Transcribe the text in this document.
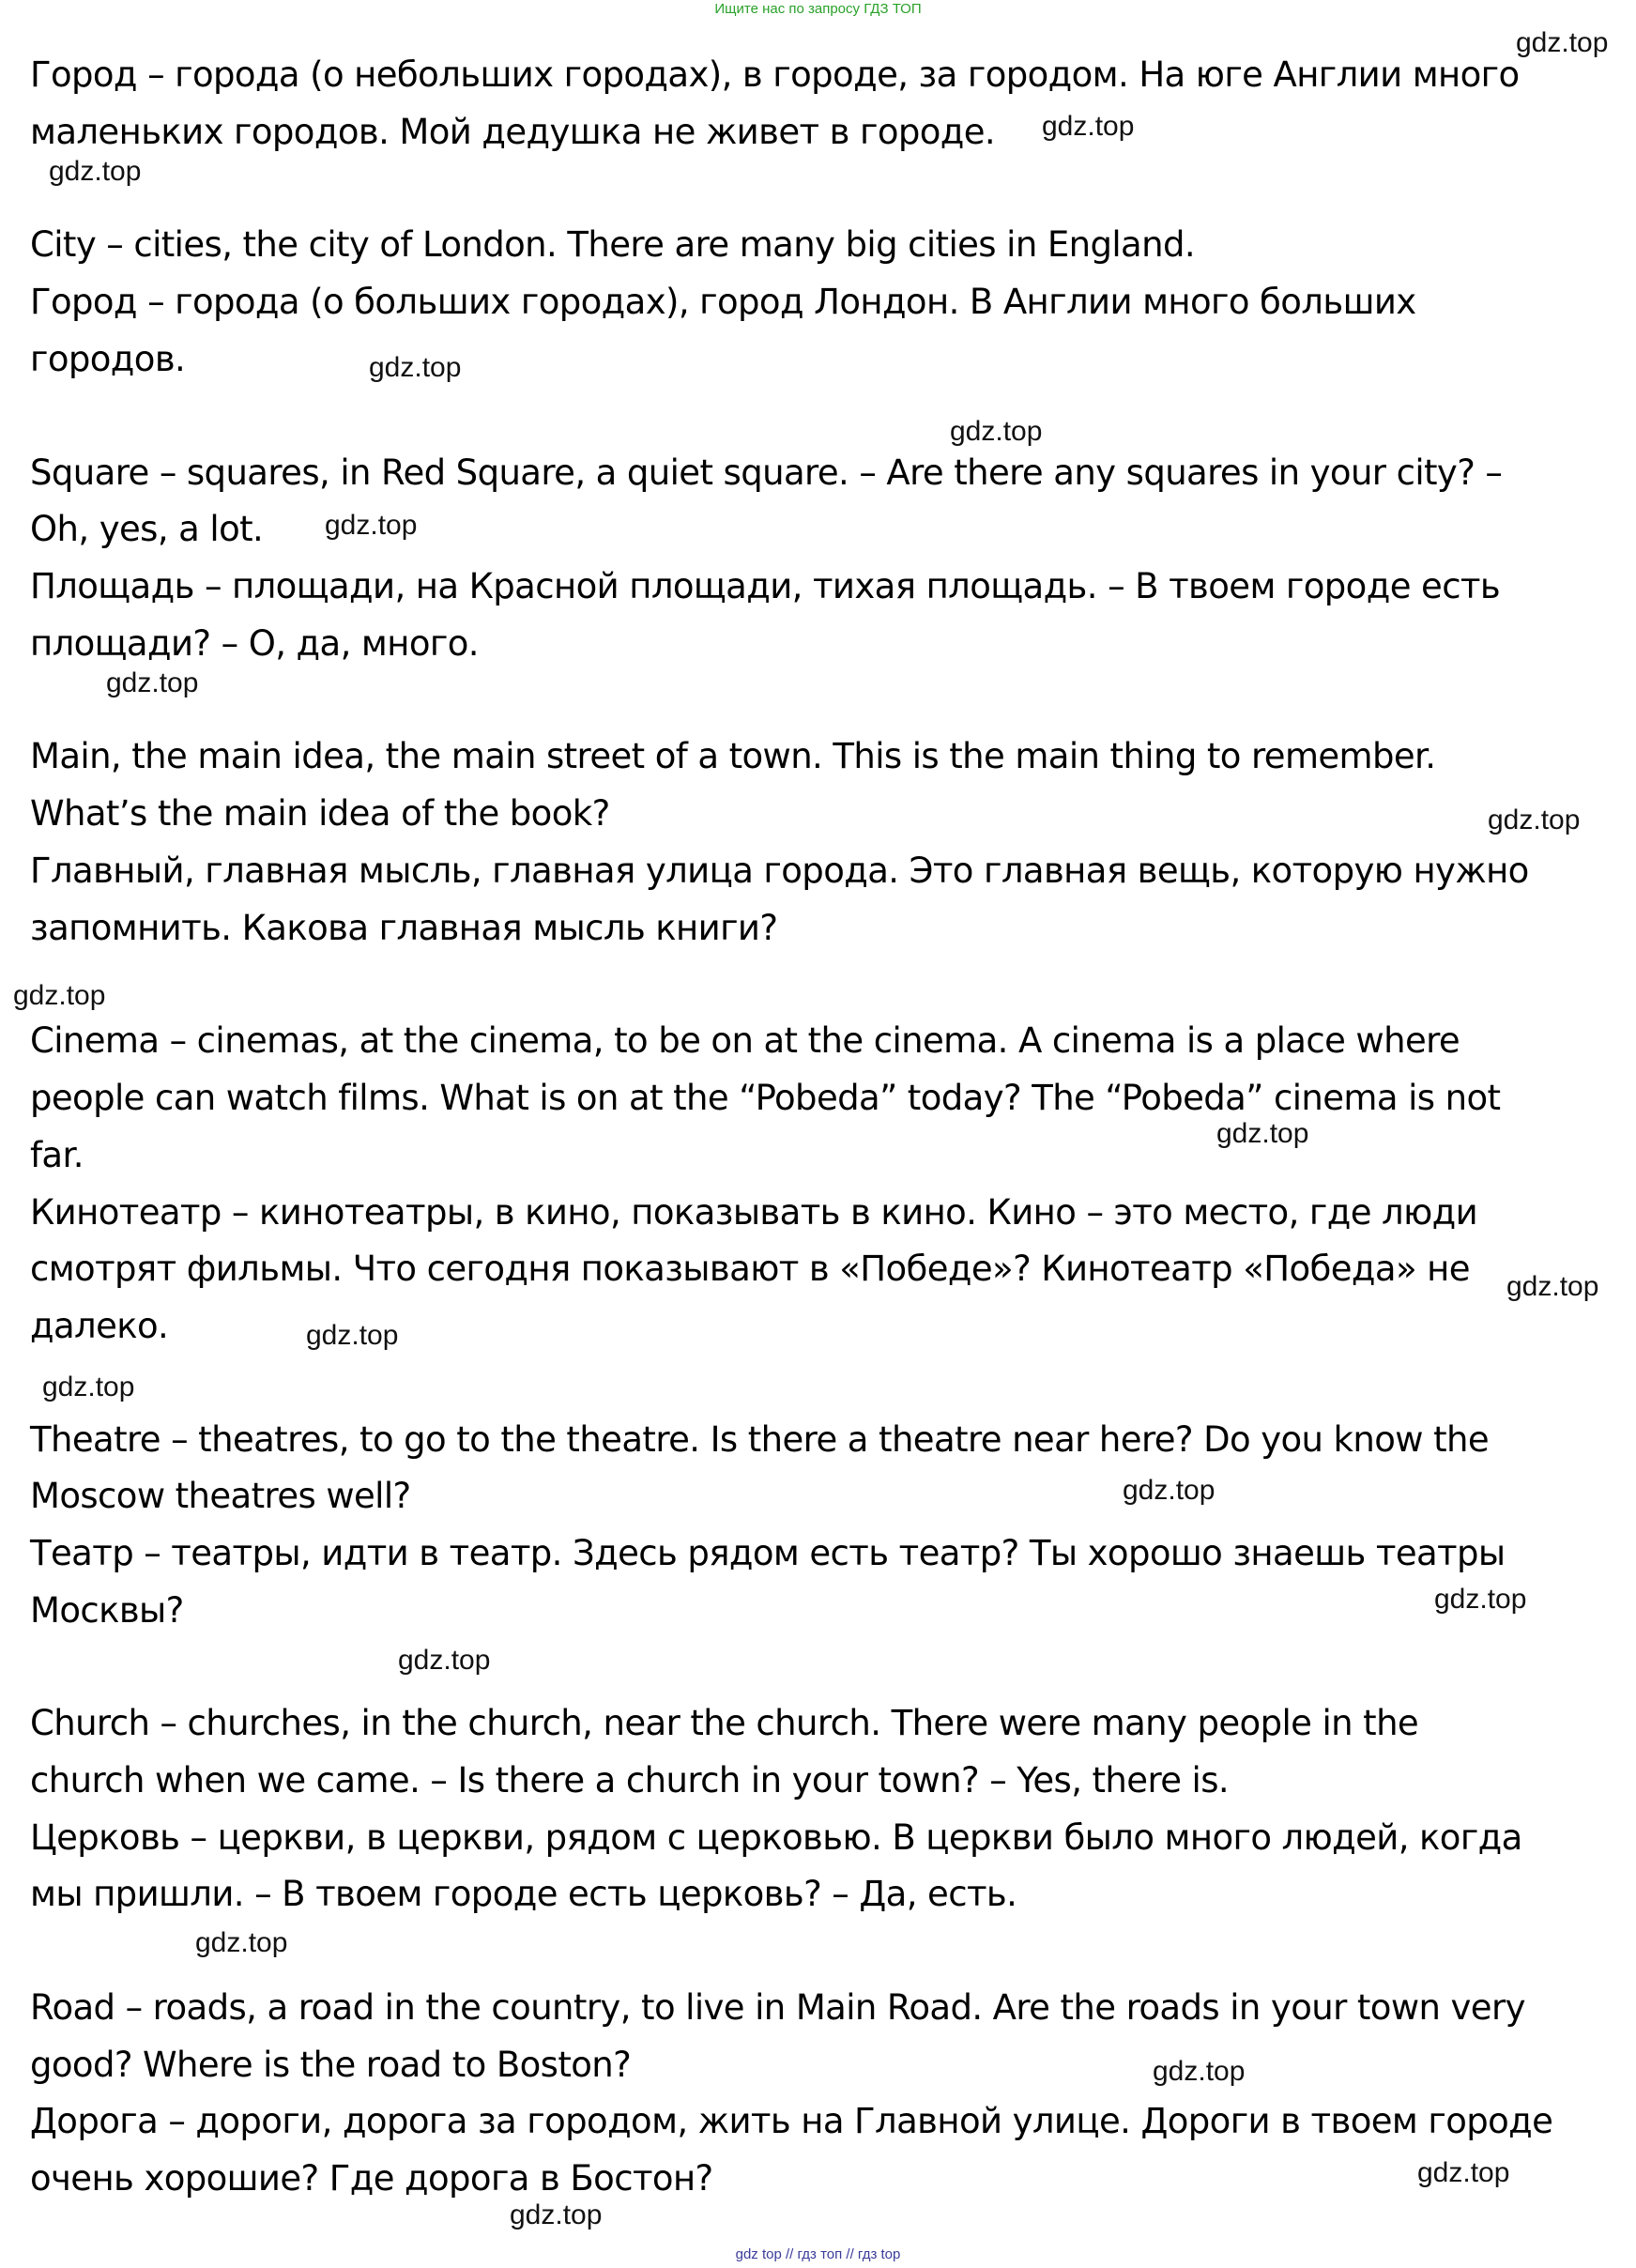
Ищите нас по запросу ГДЗ ТОП
Город – города (о небольших городах), в городе, за городом. На юге Англии много
маленьких городов. Мой дедушка не живет в городе.
City – cities, the city of London. There are many big cities in England.
Город – города (о больших городах), город Лондон. В Англии много больших
городов.
Square – squares, in Red Square, a quiet square. – Are there any squares in your city? –
Oh, yes, a lot.
Площадь – площади, на Красной площади, тихая площадь. – В твоем городе есть
площади? – О, да, много.
Main, the main idea, the main street of a town. This is the main thing to remember.
What’s the main idea of the book?
Главный, главная мысль, главная улица города. Это главная вещь, которую нужно
запомнить. Какова главная мысль книги?
Cinema – cinemas, at the cinema, to be on at the cinema. A cinema is a place where
people can watch films. What is on at the “Pobeda” today? The “Pobeda” cinema is not
far.
Кинотеатр – кинотеатры, в кино, показывать в кино. Кино – это место, где люди
смотрят фильмы. Что сегодня показывают в «Победе»? Кинотеатр «Победа» не
далеко.
Theatre – theatres, to go to the theatre. Is there a theatre near here? Do you know the
Moscow theatres well?
Театр – театры, идти в театр. Здесь рядом есть театр? Ты хорошо знаешь театры
Москвы?
Church – churches, in the church, near the church. There were many people in the
church when we came. – Is there a church in your town? – Yes, there is.
Церковь – церкви, в церкви, рядом с церковью. В церкви было много людей, когда
мы пришли. – В твоем городе есть церковь? – Да, есть.
Road – roads, a road in the country, to live in Main Road. Are the roads in your town very
good? Where is the road to Boston?
Дорога – дороги, дорога за городом, жить на Главной улице. Дороги в твоем городе
очень хорошие? Где дорога в Бостон?
gdz.top
gdz.top
gdz.top
gdz.top
gdz.top
gdz.top
gdz.top
gdz.top
gdz.top
gdz.top
gdz.top
gdz.top
gdz.top
gdz.top
gdz.top
gdz.top
gdz.top
gdz.top
gdz.top
gdz.top
gdz top // гдз топ // гдз top
